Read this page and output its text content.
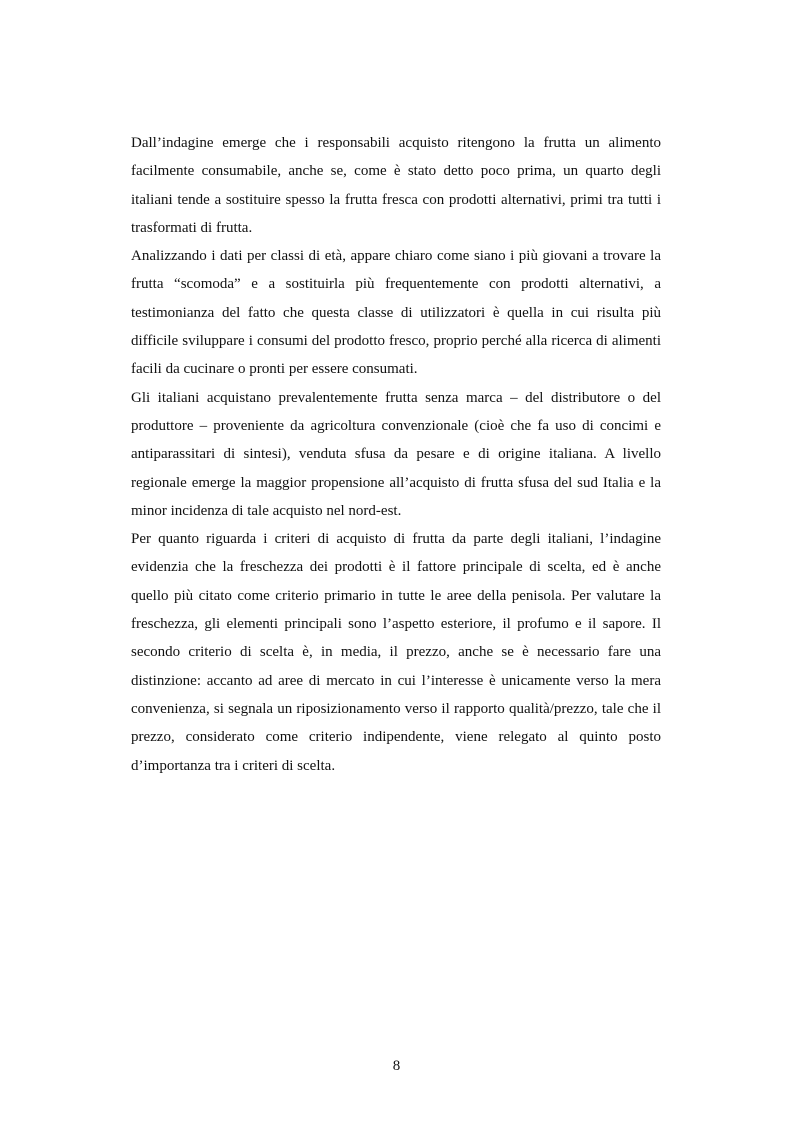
Dall’indagine emerge che i responsabili acquisto ritengono la frutta un alimento facilmente consumabile, anche se, come è stato detto poco prima, un quarto degli italiani tende a sostituire spesso la frutta fresca con prodotti alternativi, primi tra tutti i trasformati di frutta.

Analizzando i dati per classi di età, appare chiaro come siano i più giovani a trovare la frutta “scomoda” e a sostituirla più frequentemente con prodotti alternativi, a testimonianza del fatto che questa classe di utilizzatori è quella in cui risulta più difficile sviluppare i consumi del prodotto fresco, proprio perché alla ricerca di alimenti facili da cucinare o pronti per essere consumati.

Gli italiani acquistano prevalentemente frutta senza marca – del distributore o del produttore – proveniente da agricoltura convenzionale (cioè che fa uso di concimi e antiparassitari di sintesi), venduta sfusa da pesare e di origine italiana. A livello regionale emerge la maggior propensione all’acquisto di frutta sfusa del sud Italia e la minor incidenza di tale acquisto nel nord-est.

Per quanto riguarda i criteri di acquisto di frutta da parte degli italiani, l’indagine evidenzia che la freschezza dei prodotti è il fattore principale di scelta, ed è anche quello più citato come criterio primario in tutte le aree della penisola. Per valutare la freschezza, gli elementi principali sono l’aspetto esteriore, il profumo e il sapore. Il secondo criterio di scelta è, in media, il prezzo, anche se è necessario fare una distinzione: accanto ad aree di mercato in cui l’interesse è unicamente verso la mera convenienza, si segnala un riposizionamento verso il rapporto qualità/prezzo, tale che il prezzo, considerato come criterio indipendente, viene relegato al quinto posto d’importanza tra i criteri di scelta.

8
